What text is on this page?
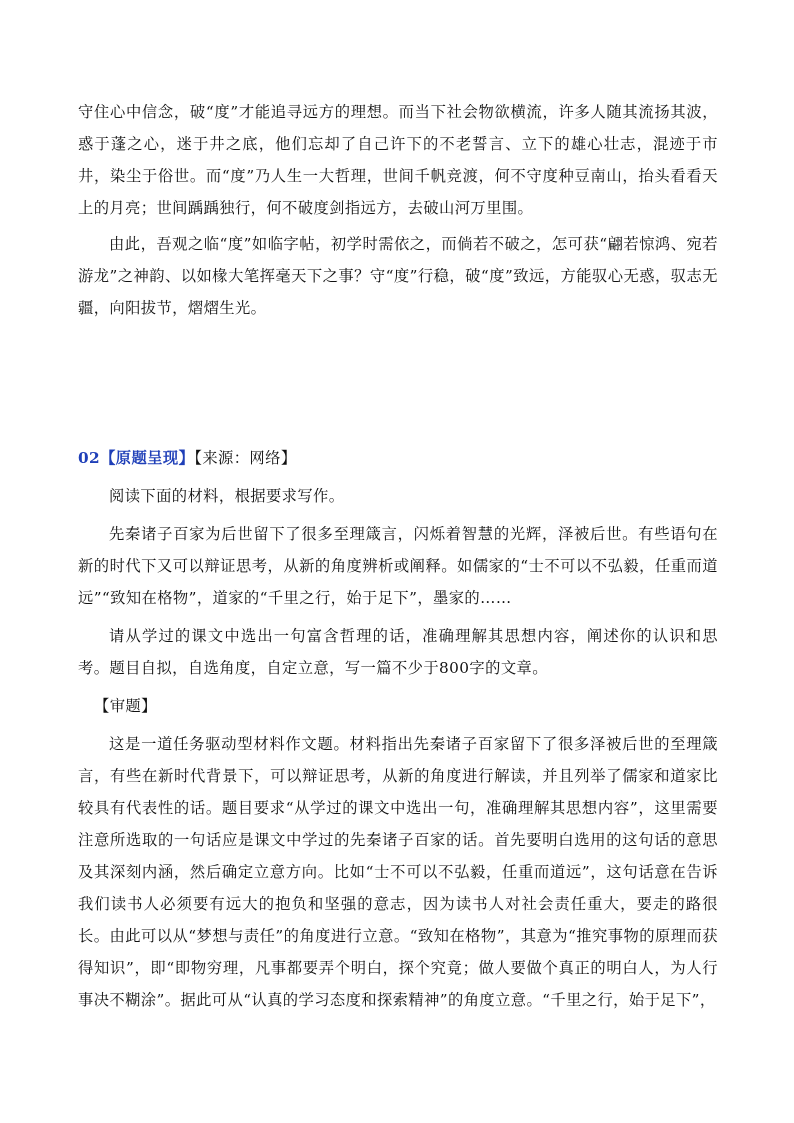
守住心中信念，破“度”才能追寻远方的理想。而当下社会物欲横流，许多人随其流扬其波，惑于蓬之心，迷于井之底，他们忘却了自己许下的不老誓言、立下的雄心壮志，混迹于市井，染尘于俗世。而“度”乃人生一大哲理，世间千帆竞渡，何不守度种豆南山，抬头看看天上的月亮；世间踽踽独行，何不破度剑指远方，去破山河万里围。

由此，吾观之临“度”如临字帖，初学时需依之，而倘若不破之，怎可获“翩若惊鸿、宛若游龙”之神韵、以如椽大笔挥毫天下之事？守“度”行稳，破“度”致远，方能驭心无惑，驭志无疆，向阳拔节，熠熠生光。

02【原题呈现】【来源：网络】

阅读下面的材料，根据要求写作。

先秦诸子百家为后世留下了很多至理箴言，闪烁着智慧的光辉，泽被后世。有些语句在新的时代下又可以辩证思考，从新的角度辨析或阐释。如儒家的“士不可以不弘毅，任重而道远”“致知在格物”，道家的“千里之行，始于足下”，墨家的……

请从学过的课文中选出一句富含哲理的话，准确理解其思想内容，阐述你的认识和思考。题目自拟，自选角度，自定立意，写一篇不少于800字的文章。

【审题】

这是一道任务驱动型材料作文题。材料指出先秦诸子百家留下了很多泽被后世的至理箴言，有些在新时代背景下，可以辩证思考，从新的角度进行解读，并且列举了儒家和道家比较具有代表性的话。题目要求“从学过的课文中选出一句，准确理解其思想内容”，这里需要注意所选取的一句话应是课文中学过的先秦诸子百家的话。首先要明白选用的这句话的意思及其深刻内涵，然后确定立意方向。比如“士不可以不弘毅，任重而道远”，这句话意在告诉我们读书人必须要有远大的抱负和坚强的意志，因为读书人对社会责任重大，要走的路很长。由此可以从“梦想与责任”的角度进行立意。“致知在格物”，其意为“推究事物的原理而获得知识”，即“即物穷理，凡事都要弄个明白，探个究竟；做人要做个真正的明白人，为人行事决不糊涂”。据此可从“认真的学习态度和探索精神”的角度立意。“千里之行，始于足下”，
